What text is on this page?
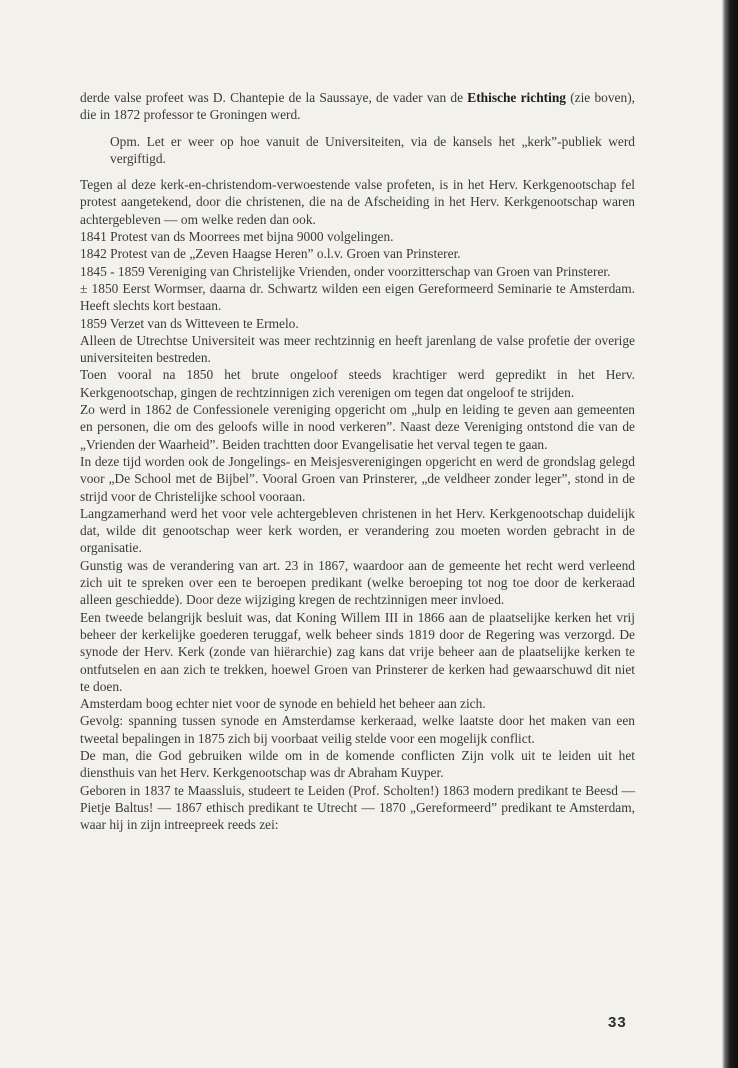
derde valse profeet was D. Chantepie de la Saussaye, de vader van de Ethische richting (zie boven), die in 1872 professor te Groningen werd.

Opm. Let er weer op hoe vanuit de Universiteiten, via de kansels het „kerk”-publiek werd vergiftigd.

Tegen al deze kerk-en-christendom-verwoestende valse profeten, is in het Herv. Kerkgenootschap fel protest aangetekend, door die christenen, die na de Afscheiding in het Herv. Kerkgenootschap waren achtergebleven — om welke reden dan ook.

1841 Protest van ds Moorrees met bijna 9000 volgelingen.

1842 Protest van de „Zeven Haagse Heren” o.l.v. Groen van Prinsterer.

1845 - 1859 Vereniging van Christelijke Vrienden, onder voorzitterschap van Groen van Prinsterer.

± 1850 Eerst Wormser, daarna dr. Schwartz wilden een eigen Gereformeerd Seminarie te Amsterdam. Heeft slechts kort bestaan.

1859 Verzet van ds Witteveen te Ermelo.

Alleen de Utrechtse Universiteit was meer rechtzinnig en heeft jarenlang de valse profetie der overige universiteiten bestreden.

Toen vooral na 1850 het brute ongeloof steeds krachtiger werd gepredikt in het Herv. Kerkgenootschap, gingen de rechtzinnigen zich verenigen om tegen dat ongeloof te strijden.

Zo werd in 1862 de Confessionele vereniging opgericht om „hulp en leiding te geven aan gemeenten en personen, die om des geloofs wille in nood verkeren”. Naast deze Vereniging ontstond die van de „Vrienden der Waarheid”. Beiden trachtten door Evangelisatie het verval tegen te gaan.

In deze tijd worden ook de Jongelings- en Meisjesverenigingen opgericht en werd de grondslag gelegd voor „De School met de Bijbel”. Vooral Groen van Prinsterer, „de veldheer zonder leger”, stond in de strijd voor de Christelijke school vooraan.

Langzamerhand werd het voor vele achtergebleven christenen in het Herv. Kerkgenootschap duidelijk dat, wilde dit genootschap weer kerk worden, er verandering zou moeten worden gebracht in de organisatie.

Gunstig was de verandering van art. 23 in 1867, waardoor aan de gemeente het recht werd verleend zich uit te spreken over een te beroepen predikant (welke beroeping tot nog toe door de kerkeraad alleen geschiedde). Door deze wijziging kregen de rechtzinnigen meer invloed.

Een tweede belangrijk besluit was, dat Koning Willem III in 1866 aan de plaatselijke kerken het vrij beheer der kerkelijke goederen teruggaf, welk beheer sinds 1819 door de Regering was verzorgd. De synode der Herv. Kerk (zonde van hiërarchie) zag kans dat vrije beheer aan de plaatselijke kerken te ontfutselen en aan zich te trekken, hoewel Groen van Prinsterer de kerken had gewaarschuwd dit niet te doen.

Amsterdam boog echter niet voor de synode en behield het beheer aan zich.

Gevolg: spanning tussen synode en Amsterdamse kerkeraad, welke laatste door het maken van een tweetal bepalingen in 1875 zich bij voorbaat veilig stelde voor een mogelijk conflict.

De man, die God gebruiken wilde om in de komende conflicten Zijn volk uit te leiden uit het diensthuis van het Herv. Kerkgenootschap was dr Abraham Kuyper.

Geboren in 1837 te Maassluis, studeert te Leiden (Prof. Scholten!) 1863 modern predikant te Beesd — Pietje Baltus! — 1867 ethisch predikant te Utrecht — 1870 „Gereformeerd” predikant te Amsterdam, waar hij in zijn intreepreek reeds zei:

33
